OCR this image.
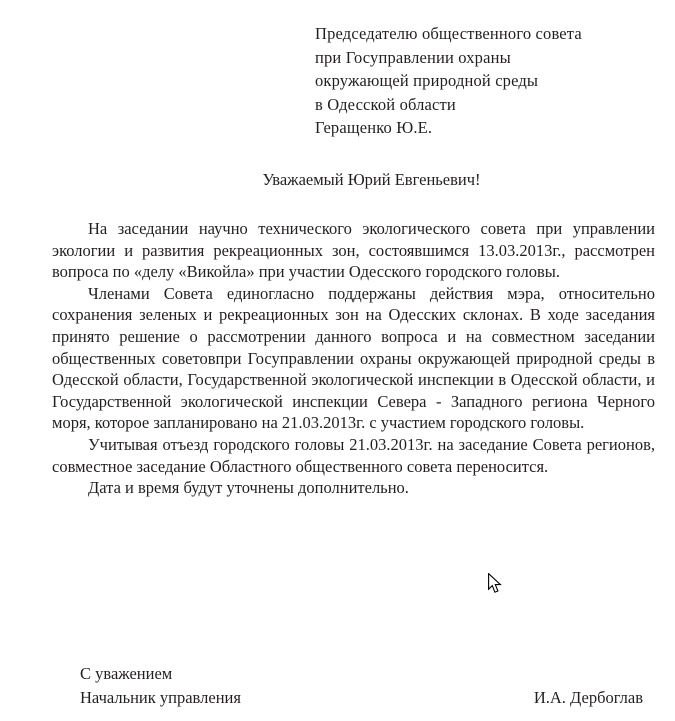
Председателю общественного совета
при Госуправлении охраны
окружающей природной среды
в Одесской области
Геращенко Ю.Е.
Уважаемый Юрий Евгеньевич!

На заседании научно технического экологического совета при управлении экологии и развития рекреационных зон, состоявшимся 13.03.2013г., рассмотрен вопроса по «делу «Викойла» при участии Одесского городского головы.

Членами Совета единогласно поддержаны действия мэра, относительно сохранения зеленых и рекреационных зон на Одесских склонах. В ходе заседания принято решение о рассмотрении данного вопроса и на совместном заседании общественных советовпри Госуправлении охраны окружающей природной среды в Одесской области, Государственной экологической инспекции в Одесской области, и Государственной экологической инспекции Севера - Западного региона Черного моря, которое запланировано на 21.03.2013г. с участием городского головы.

Учитывая отъезд городского головы 21.03.2013г. на заседание Совета регионов, совместное заседание Областного общественного совета переносится.

Дата и время будут уточнены дополнительно.

С уважением
Начальник управления	И.А. Дербоглав
